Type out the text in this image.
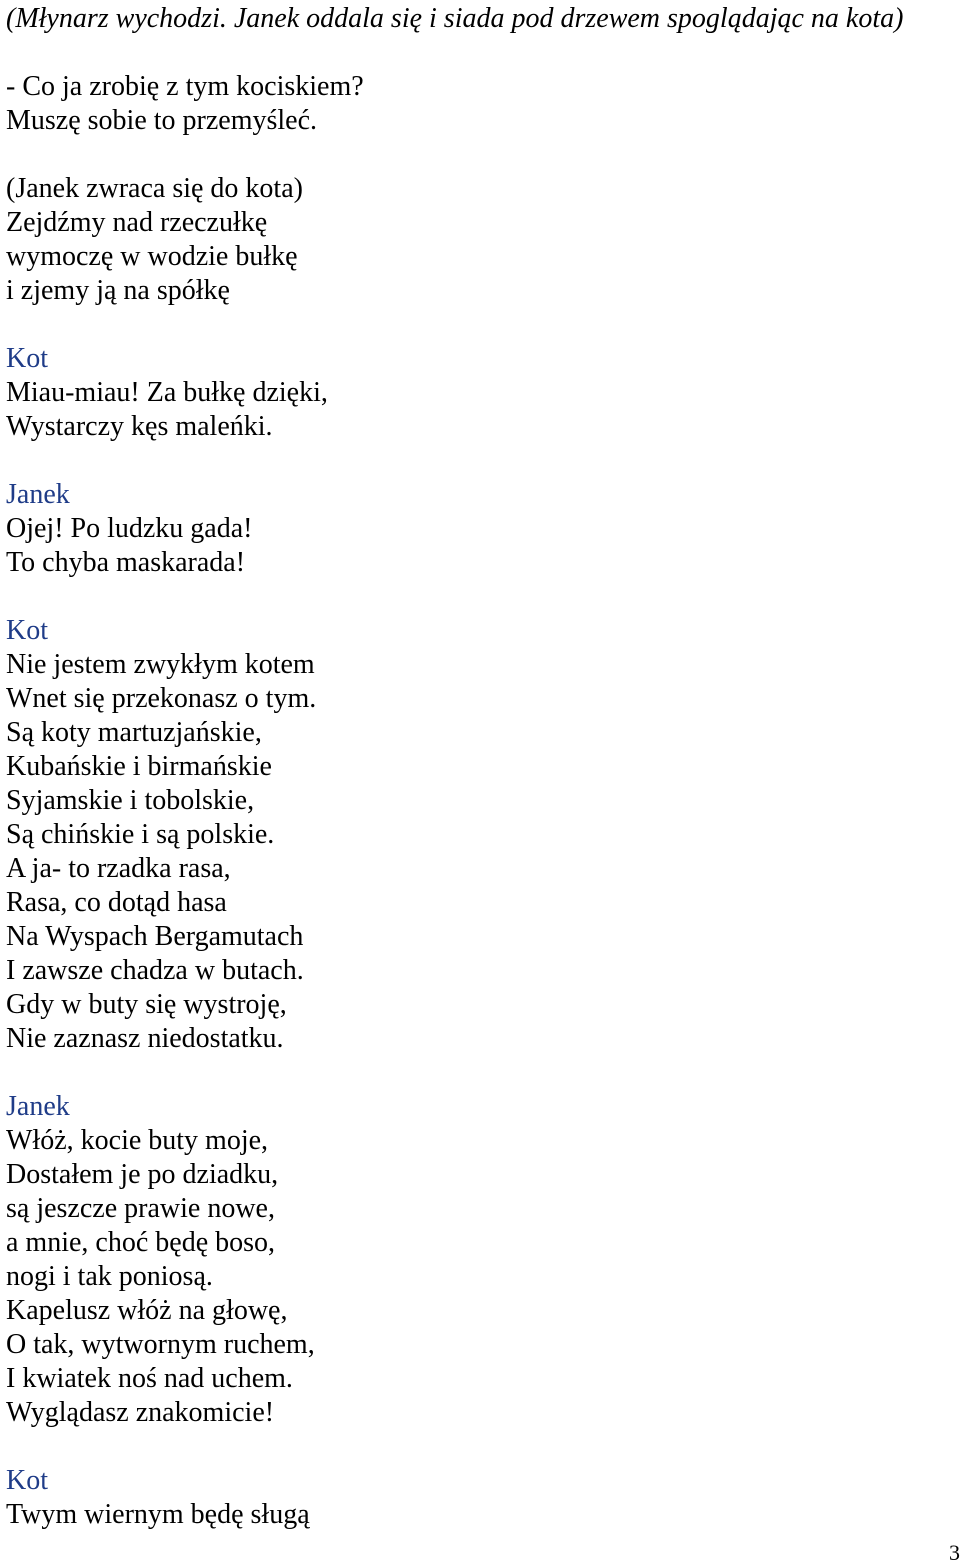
(Młynarz wychodzi. Janek oddala się i siada pod drzewem spoglądając na kota)
- Co ja zrobię z tym kociskiem?
Muszę sobie to przemyśleć.
(Janek zwraca się do kota)
Zejdźmy nad rzeczułkę
wymoczę w wodzie bułkę
i zjemy ją na spółkę
Kot
Miau-miau! Za bułkę dzięki,
Wystarczy kęs maleńki.
Janek
Ojej! Po ludzku gada!
To chyba maskarada!
Kot
Nie jestem zwykłym kotem
Wnet się przekonasz o tym.
Są koty martuzjańskie,
Kubańskie i birmańskie
Syjamskie i tobolskie,
Są chińskie i są polskie.
A ja- to rzadka rasa,
Rasa, co dotąd hasa
Na Wyspach Bergamutach
I zawsze chadza w butach.
Gdy w buty się wystroję,
Nie zaznasz niedostatku.
Janek
Włóż, kocie buty moje,
Dostałem je po dziadku,
są jeszcze prawie nowe,
a mnie, choć będę boso,
nogi i tak poniosą.
Kapelusz włóż na głowę,
O tak, wytwornym ruchem,
I kwiatek noś nad uchem.
Wyglądasz znakomicie!
Kot
Twym wiernym będę sługą
3
